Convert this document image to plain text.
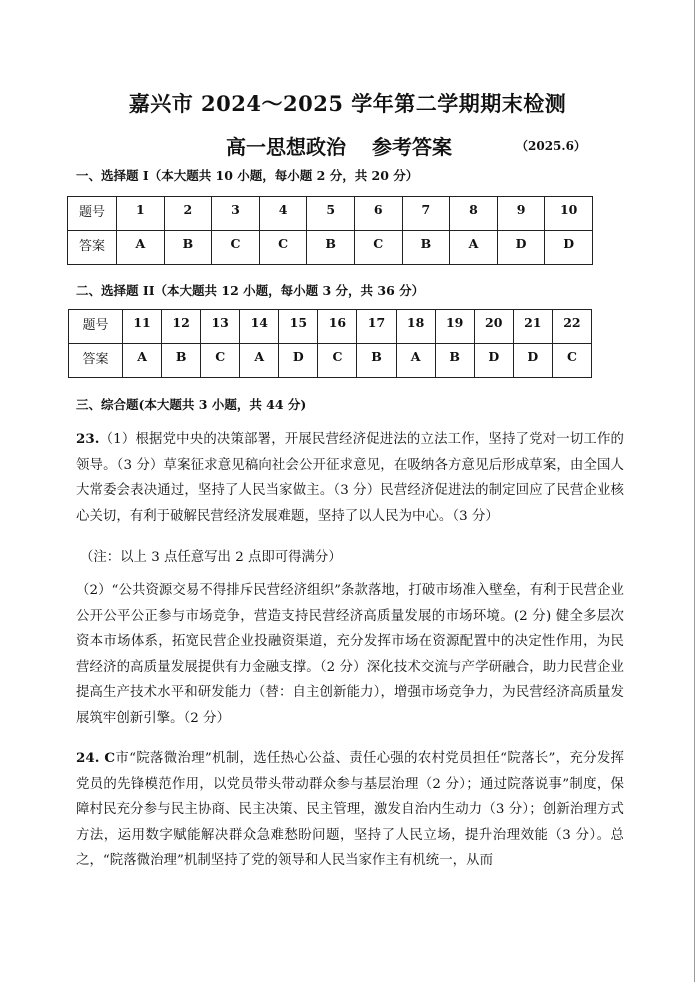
嘉兴市 2024～2025 学年第二学期期末检测
高一思想政治 参考答案	（2025.6）
一、选择题 I（本大题共 10 小题，每小题 2 分，共 20 分）
题号	1	2	3	4	5	6	7	8	9	10
答案	A	B	C	C	B	C	B	A	D	D
二、选择题 II（本大题共 12 小题，每小题 3 分，共 36 分）
题号	11	12	13	14	15	16	17	18	19	20	21	22
答案	A	B	C	A	D	C	B	A	B	D	D	C
三、综合题(本大题共 3 小题，共 44 分)
23.（1）根据党中央的决策部署，开展民营经济促进法的立法工作，坚持了党对一切工作的领导。（3 分）草案征求意见稿向社会公开征求意见，在吸纳各方意见后形成草案，由全国人大常委会表决通过，坚持了人民当家做主。（3 分）民营经济促进法的制定回应了民营企业核心关切，有利于破解民营经济发展难题，坚持了以人民为中心。（3 分）
（注：以上 3 点任意写出 2 点即可得满分）
（2）“公共资源交易不得排斥民营经济组织”条款落地，打破市场准入壁垒，有利于民营企业公开公平公正参与市场竞争，营造支持民营经济高质量发展的市场环境。(2 分) 健全多层次资本市场体系，拓宽民营企业投融资渠道，充分发挥市场在资源配置中的决定性作用，为民营经济的高质量发展提供有力金融支撑。（2 分）深化技术交流与产学研融合，助力民营企业提高生产技术水平和研发能力（替：自主创新能力），增强市场竞争力，为民营经济高质量发展筑牢创新引擎。（2 分）
24. C市“院落微治理”机制，选任热心公益、责任心强的农村党员担任“院落长”，充分发挥党员的先锋模范作用，以党员带头带动群众参与基层治理（2 分）；通过院落说事”制度，保障村民充分参与民主协商、民主决策、民主管理，激发自治内生动力（3 分）；创新治理方式方法，运用数字赋能解决群众急难愁盼问题，坚持了人民立场，提升治理效能（3 分）。总之，“院落微治理”机制坚持了党的领导和人民当家作主有机统一，从而
